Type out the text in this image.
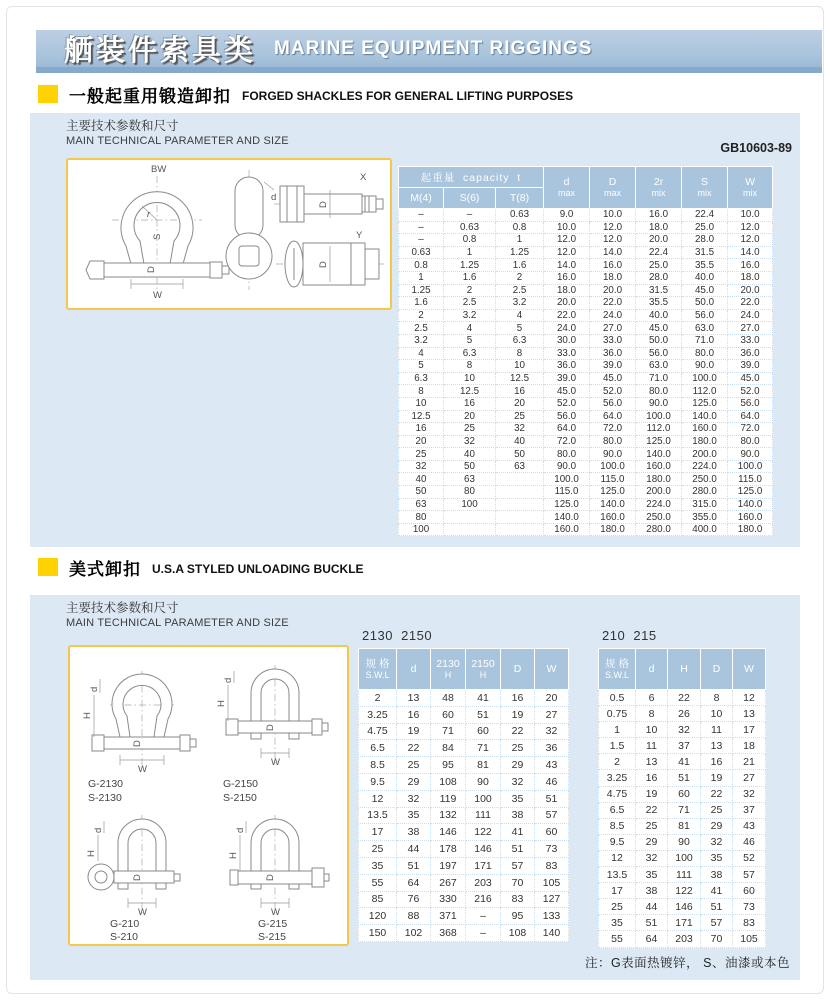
舾装件索具类 MARINE EQUIPMENT RIGGINGS
一般起重用锻造卸扣 FORGED SHACKLES FOR GENERAL LIFTING PURPOSES
主要技术参数和尺寸
MAIN TECHNICAL PARAMETER AND SIZE	GB10603-89
r
BW
S
D
W
d
D
X
D
Y
起重量  capacity  t	d
max

D
max

2r
mix

S
mix

W
mix

M(4)	S(6)	T(8)					
–	–	0.63	9.0	10.0	16.0	22.4	10.0
–	0.63	0.8	10.0	12.0	18.0	25.0	12.0
–	0.8	1	12.0	12.0	20.0	28.0	12.0
0.63	1	1.25	12.0	14.0	22.4	31.5	14.0
0.8	1.25	1.6	14.0	16.0	25.0	35.5	16.0
1	1.6	2	16.0	18.0	28.0	40.0	18.0
1.25	2	2.5	18.0	20.0	31.5	45.0	20.0
1.6	2.5	3.2	20.0	22.0	35.5	50.0	22.0
2	3.2	4	22.0	24.0	40.0	56.0	24.0
2.5	4	5	24.0	27.0	45.0	63.0	27.0
3.2	5	6.3	30.0	33.0	50.0	71.0	33.0
4	6.3	8	33.0	36.0	56.0	80.0	36.0
5	8	10	36.0	39.0	63.0	90.0	39.0
6.3	10	12.5	39.0	45.0	71.0	100.0	45.0
8	12.5	16	45.0	52.0	80.0	112.0	52.0
10	16	20	52.0	56.0	90.0	125.0	56.0
12.5	20	25	56.0	64.0	100.0	140.0	64.0
16	25	32	64.0	72.0	112.0	160.0	72.0
20	32	40	72.0	80.0	125.0	180.0	80.0
25	40	50	80.0	90.0	140.0	200.0	90.0
32	50	63	90.0	100.0	160.0	224.0	100.0
40	63		100.0	115.0	180.0	250.0	115.0
50	80		115.0	125.0	200.0	280.0	125.0
63	100		125.0	140.0	224.0	315.0	140.0
80			140.0	160.0	250.0	355.0	160.0
100			160.0	180.0	280.0	400.0	180.0
美式卸扣 U.S.A STYLED UNLOADING BUCKLE
主要技术参数和尺寸
MAIN TECHNICAL PARAMETER AND SIZE
d
H
D
W
G-2130
S-2130
d
H
D
W
G-2150
S-2150
d
H
D
W
G-210
S-210
d
H
D
W
G-215
S-215
2130  2150	210  215
规 格
S.W.L	d	2130
H

2150
H	D	W

2	13	48	41	16	20
3.25	16	60	51	19	27
4.75	19	71	60	22	32
6.5	22	84	71	25	36
8.5	25	95	81	29	43
9.5	29	108	90	32	46
12	32	119	100	35	51
13.5	35	132	111	38	57
17	38	146	122	41	60
25	44	178	146	51	73
35	51	197	171	57	83
55	64	267	203	70	105
85	76	330	216	83	127
120	88	371	–	95	133
150	102	368	–	108	140
规 格
S.W.L	d	H	D	W

0.5	6	22	8	12
0.75	8	26	10	13
1	10	32	11	17
1.5	11	37	13	18
2	13	41	16	21
3.25	16	51	19	27
4.75	19	60	22	32
6.5	22	71	25	37
8.5	25	81	29	43
9.5	29	90	32	46
12	32	100	35	52
13.5	35	111	38	57
17	38	122	41	60
25	44	146	51	73
35	51	171	57	83
55	64	203	70	105
注：G表面热镀锌， S、油漆或本色
